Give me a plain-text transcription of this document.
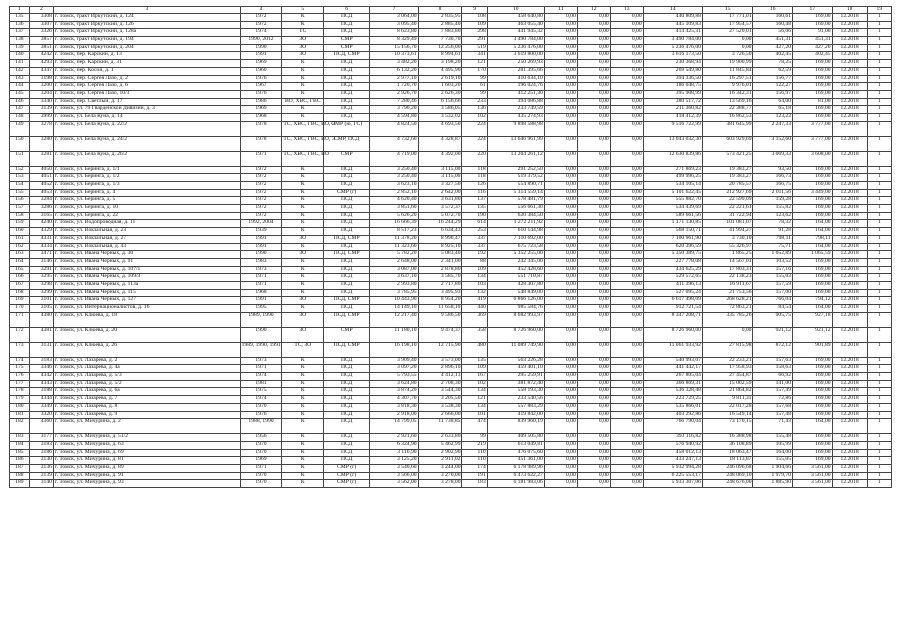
1	2	3	4	5	6	7	8	9	10	11	12	13	14	15	16	17	18	19
135	3308	г. Томск, тракт Иркутский, д. 124	1972	К	ПСД	3 064,00	2 835,95	108	458 640,80	0,00	0,00	0,00	440 809,88	17 771,01	160,61	169,00	12.2018	1
136	3307	г. Томск, тракт Иркутский, д. 126	1972	К	ПСД	3 095,40	2 885,40	109	463 055,40	0,00	0,00	0,00	445 109,83	17 954,57	160,48	169,00	12.2018	1
137	3326	г. Томск, тракт Иркутский, д. 128а	1974	ТС	ПСД	8 623,80	7 883,80	298	441 945,32	0,00	0,00	0,00	414 425,31	27 520,01	56,06	91,00	12.2018	1
138	3857	г. Томск, тракт Иркутский, д. 194	1990, 2012	ЗО	СМР	8 329,49	7 730,70	291	3 490 784,00	0,00	0,00	0,00	3 490 784,00	0,00	451,31	451,31	12.2018	1
139	3851	г. Томск, тракт Иркутский, д. 204	1990	ЗО	СМР	15 156,70	12 256,00	519	5 236 476,00	0,00	0,00	0,00	5 236 476,00	0,00	427,20	427,20	12.2018	1
140	4242	г. Томск, пер. Карский, д. 13	1991	ЗО	ПСД, СМР	10 373,61	8 994,61	341	3 619 800,00	0,00	0,00	0,00	3 616 173,50	3 726,50	402,45	402,45	12.2018	1
141	4293	г. Томск, пер. Карский, д. 31	1969	К	ПСД	3 482,20	3 198,20	121	250 269,93	0,00	0,00	0,00	230 368,94	19 900,99	78,25	169,00	12.2018	1
142	4347	г. Томск, пер. Косой, д. 1	1960	К	ПСД	6 132,20	4 495,90	170	281 395,66	0,00	0,00	0,00	269 549,80	11 845,84	62,59	169,00	12.2018	1
143	3198	г. Томск, пер. Сергея Лазо, д. 2	1976	К	ПСД	2 977,10	2 619,10	99	410 634,10	0,00	0,00	0,00	394 336,50	16 297,51	156,77	169,00	12.2018	1
144	3200	г. Томск, пер. Сергея Лазо, д. 6	1967	К	ПСД	1 720,70	1 603,20	61	196 024,76	0,00	0,00	0,00	186 048,75	9 976,01	122,27	169,00	12.2018	1
145	3204	г. Томск, пер. Сергея Лазо, 10/3	1976	К	ПСД	2 926,70	2 626,30	99	412 251,30	0,00	0,00	0,00	395 908,99	16 342,31	156,97	169,00	12.2018	1
146	3340	г. Томск, пер. Светлый, д. 17	1986	ВО, ХВС, ГВС	ПСД	7 280,46	6 156,66	233	394 086,88	0,00	0,00	0,00	380 517,72	13 569,16	64,00	81,00	12.2018	1
147	3139	г. Томск, ул. 79 Гвардейской Дивизии, д. 3	1969	К	ПСД	3 790,20	3 586,05	136	233 749,59	0,00	0,00	0,00	211 360,82	22 388,77	65,18	169,00	12.2018	1
148	3999	г. Томск, ул. Бела Куна, д. 14	1968	К	ПСД	4 594,80	3 532,02	102	435 274,93	0,00	0,00	0,00	418 412,39	16 862,53	123,22	169,00	12.2018	1
149	3278	г. Томск, ул. Бела Куна, д. 22/2	1978	ТС, ХВС, ГВС, ВО, Э	СМР (ю, ГС)	4 824,50	4 693,50	224	9 898 588,98	0,00	0,00	0,00	9 516 722,99	381 645,99	2 247,33	3 777,00	12.2018	1
150	3280	г. Томск, ул. Бела Куна, д. 24/2	1978	ТС, ХВС, ГВС, ВО, Э	СМР, ПСД	4 732,60	4 328,87	224	13 646 961,99	0,00	0,00	0,00	13 043 032,30	603 929,69	3 152,60	3 777,00	12.2018	1
151	3281	г. Томск, ул. Бела Куна, д. 26/2	1971	ТС, ХВС, ГВС, ВО	СМР	4 719,00	4 392,00	220	13 204 261,12	0,00	0,00	0,00	12 630 839,86	573 421,25	3 069,33	3 608,00	12.2018	1
152	4050	г. Томск, ул. Беринга, д. 1/1	1972	К	ПСД	3 250,40	3 115,00	118	291 252,50	0,00	0,00	0,00	271 869,23	19 383,27	93,50	169,00	12.2018	1
153	4051	г. Томск, ул. Беринга, д. 1/2	1972	К	ПСД	3 250,40	3 115,00	118	519 379,52	0,00	0,00	0,00	499 996,25	19 383,27	166,73	169,00	12.2018	1
154	4052	г. Томск, ул. Беринга, д. 1/3	1972	К	ПСД	3 623,10	3 327,50	126	554 890,71	0,00	0,00	0,00	534 105,14	20 785,57	166,75	169,00	12.2018	1
155	4053	г. Томск, ул. Беринга, д. 4	1972	К	СМР (г)	2 852,10	2 642,00	116	5 314 559,14	0,00	0,00	0,00	5 101 622,45	212 927,69	2 011,56	3 449,00	12.2018	1
156	3284	г. Томск, ул. Беринга, д. 5	1972	К	ПСД	4 620,40	3 631,80	137	578 481,79	0,00	0,00	0,00	555 882,70	22 599,09	159,28	169,00	12.2018	1
157	3286	г. Томск, ул. Беринга, д. 10	1972	К	ПСД	3 851,60	3 572,37	135	556 661,30	0,00	0,00	0,00	534 439,69	22 221,61	155,82	169,00	12.2018	1
158	3165	г. Томск, ул. Беринга, д. 22	1972	К	ПСД	5 626,20	5 072,70	190	620 384,50	0,00	0,00	0,00	589 661,56	31 722,94	123,62	169,00	12.2018	1
159	4240	г. Томск, ул. Водопроводная, д. 11	1992, 2004	К	ПСД	16 666,39	16 244,29	614	1 272 211,92	0,00	0,00	0,00	1 171 130,85	101 081,07	78,32	164,00	12.2018	1
160	4329	г. Томск, ул. Вокзальная, д. 23	1939	К	ПСД	8 517,23	6 634,43	253	610 144,98	0,00	0,00	0,00	568 150,71	41 994,27	91,28	164,00	12.2018	1
161	4331	г. Томск, ул. Вокзальная, д. 27	1991	ЗО	ПСД, СМР	11 378,20	8 990,47	337	7 110 692,00	0,00	0,00	0,00	7 100 961,90	3 730,10	798,11	798,11	12.2018	1
162	4334	г. Томск, ул. Вокзальная, д. 43	1991	К	ПСД	11 323,60	8 925,10	337	675 723,58	0,00	0,00	0,00	620 396,59	55 326,97	75,71	164,00	12.2018	1
163	3471	г. Томск, ул. Ивана Черных, д. 30	1990	ЗО	ПСД, СМР	5 782,20	5 083,40	192	5 352 255,00	0,00	0,00	0,00	5 350 389,75	1 865,25	1 052,89	1 065,59	12.2018	1
164	3146	г. Томск, ул. Ивана Черных, д. 91	1983	К	ПСД	2 648,00	2 341,00	88	242 345,00	0,00	0,00	0,00	227 778,08	14 567,01	103,52	169,00	12.2018	1
165	3291	г. Томск, ул. Ивана Черных, д. 107/1	1973	К	ПСД	3 087,00	2 878,80	109	452 428,60	0,00	0,00	0,00	434 625,29	17 803,31	157,16	169,00	12.2018	1
166	3295	г. Томск, ул. Ивана Черных, д. 109/3	1971	К	ПСД	3 637,10	3 585,70	134	551 710,87	0,00	0,00	0,00	529 572,65	22 138,23	155,03	169,00	12.2018	1
167	3298	г. Томск, ул. Ивана Черных, д. 113а	1971	К	ПСД	2 993,80	2 717,80	103	428 307,80	0,00	0,00	0,00	411 396,13	16 911,67	157,59	169,00	12.2018	1
168	3299	г. Томск, ул. Ивана Черных, д. 115	1968	К	ПСД	3 785,95	3 495,93	132	548 849,00	0,00	0,00	0,00	527 095,24	21 753,56	157,00	169,00	12.2018	1
169	3101	г. Томск, ул. Ивана Черных, д. 127	1991	ЗО	ПСД, СМР	10 443,90	8 954,20	419	6 866 126,00	0,00	0,00	0,00	6 617 498,09	268 628,21	766,04	794,12	12.2018	1
170	3105	г. Томск, ул. Интернационалистов, д. 16	1995	К	ПСД	14 149,10	11 658,10	440	985 584,76	0,00	0,00	0,00	912 721,54	72 863,21	84,54	164,00	12.2018	1
171	4380	г. Томск, ул. Клюева, д. 18	1989, 1990	ЗО	ПСД, СМР	12 217,40	9 586,50	369	8 682 993,97	0,00	0,00	0,00	8 347 208,71	335 785,26	905,75	927,18	12.2018	1
172	4381	г. Томск, ул. Клюева, д. 20	1990	ЗО	СМР	11 180,10	9 474,37	358	8 726 960,00	0,00	0,00	0,00	8 726 960,00	0,00	921,12	921,12	12.2018	1
173	3131	г. Томск, ул. Клюева, д. 26	1989, 1990, 1991	ТС, ЗО	ПСД, СМР	16 198,10	12 715,90	480	11 089 749,90	0,00	0,00	0,00	11 061 933,92	27 815,98	872,12	901,89	12.2018	1
174	3183	г. Томск, ул. Лазарева, д. 2	1973	К	ПСД	3 909,40	3 573,00	135	563 226,28	0,00	0,00	0,00	540 993,07	22 233,21	157,63	169,00	12.2018	1
175	3346	г. Томск, ул. Лазарева, д. 4а	1971	К	ПСД	3 097,20	2 896,10	109	459 401,10	0,00	0,00	0,00	441 442,17	17 958,93	158,63	169,00	12.2018	1
176	4342	г. Томск, ул. Лазарева, д. 5/3	1974	К	ПСД	5 793,55	4 412,13	167	295 259,91	0,00	0,00	0,00	267 805,04	27 454,87	66,92	169,00	12.2018	1
177	4343	г. Томск, ул. Лазарева, д. 5/2	1981	К	ПСД	3 624,80	2 708,30	102	381 872,40	0,00	0,00	0,00	366 869,31	15 002,59	141,00	169,00	12.2018	1
178	3188	г. Томск, ул. Лазарева, д. 6а	1975	К	ПСД	3 874,20	3 544,30	134	558 193,30	0,00	0,00	0,00	536 328,48	21 864,82	157,49	169,00	12.2018	1
179	4344	г. Томск, ул. Лазарева, д. 7	1974	К	ПСД	4 307,70	3 205,50	121	233 540,56	0,00	0,00	0,00	223 729,25	9 811,31	72,86	169,00	12.2018	1
180	3349	г. Томск, ул. Лазарева, д. 8	1970	К	ПСД	3 818,30	3 538,30	134	557 883,29	0,00	0,00	0,00	535 866,01	22 017,28	157,68	169,00	12.2018	1
181	3320	г. Томск, ул. Лазарева, д. 9	1976	К	ПСД	2 918,00	2 666,00	101	419 842,00	0,00	0,00	0,00	403 292,86	16 549,14	157,48	169,00	12.2018	1
182	4360	г. Томск, ул. Мичурина, д. 2	1988, 1990	К	ПСД	14 799,05	11 738,85	474	839 960,19	0,00	0,00	0,00	766 790,04	73 170,15	71,43	164,00	12.2018	1
183	3177	г. Томск, ул. Мичурина, д. 51/2	1956	К	ПСД	2 921,60	2 633,80	99	409 505,80	0,00	0,00	0,00	393 116,82	16 388,98	155,48	169,00	12.2018	1
184	3183	г. Томск, ул. Мичурина, д. 63	1970	К	ПСД	6 324,90	5 462,99	219	613 049,81	0,00	0,00	0,00	576 940,92	36 108,89	105,99	169,00	12.2018	1
185	3186	г. Томск, ул. Мичурина, д. 69	1970	К	ПСД	3 116,90	2 902,90	110	476 075,60	0,00	0,00	0,00	458 012,13	18 063,47	164,00	169,00	12.2018	1
186	3130	г. Томск, ул. Мичурина, д. 81	1969	К	ПСД	3 125,20	2 911,02	110	451 361,00	0,00	0,00	0,00	433 247,13	18 113,87	155,05	169,00	12.2018	1
187	3136	г. Томск, ул. Мичурина, д. 89	1971	К	СМР (г)	3 540,60	3 244,00	174	6 178 989,96	0,00	0,00	0,00	5 932 994,28	246 096,68	1 904,66	3 561,00	12.2018	1
188	3139	г. Томск, ул. Мичурина, д. 91	1970	К	СМР (г)	3 566,00	3 270,00	191	6 473 622,27	0,00	0,00	0,00	6 225 553,17	248 069,10	1 979,70	3 561,00	12.2018	1
189	3140	г. Томск, ул. Мичурина, д. 93	1970	К	СМР (г)	3 562,00	3 278,00	183	6 181 983,06	0,00	0,00	0,00	5 933 307,06	248 676,00	1 885,90	3 561,00	12.2018	1
